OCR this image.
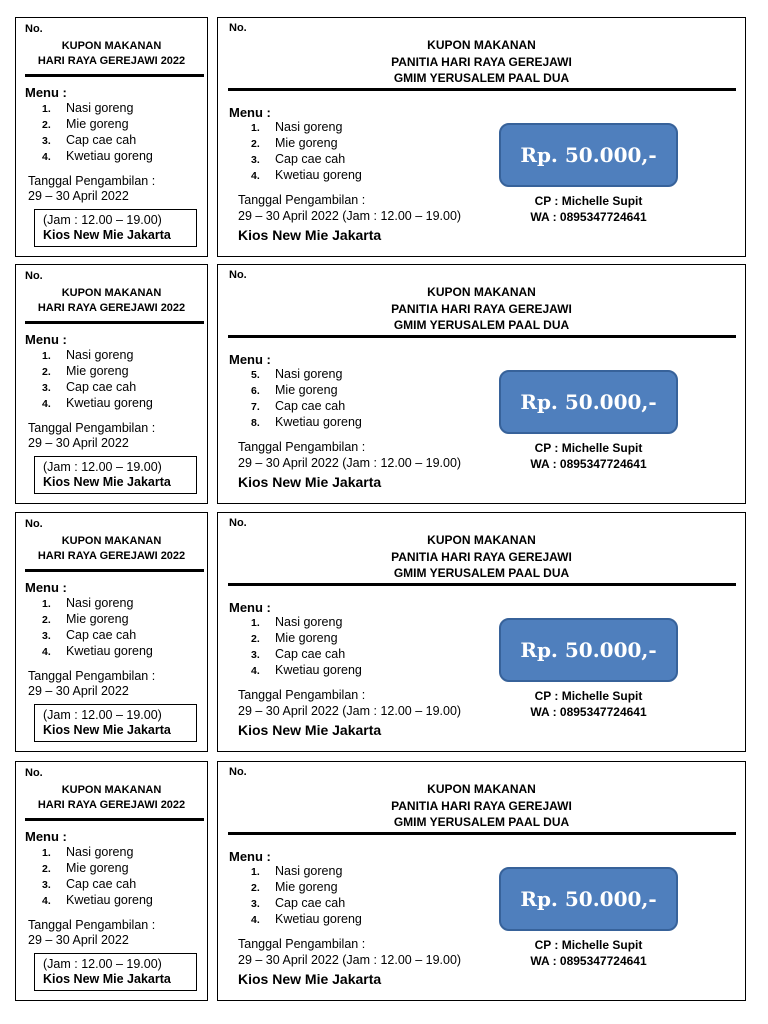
No.
KUPON MAKANAN
HARI RAYA GEREJAWI 2022
Menu :
1. Nasi goreng
2. Mie goreng
3. Cap cae cah
4. Kwetiau goreng
Tanggal Pengambilan :
29 – 30 April 2022
(Jam : 12.00 – 19.00)
Kios New Mie Jakarta
No.
KUPON MAKANAN
PANITIA HARI RAYA GEREJAWI
GMIM YERUSALEM PAAL DUA
Menu :
1. Nasi goreng
2. Mie goreng
3. Cap cae cah
4. Kwetiau goreng
Rp. 50.000,-
CP : Michelle Supit
WA : 0895347724641
Tanggal Pengambilan :
29 – 30 April 2022 (Jam : 12.00 – 19.00)
Kios New Mie Jakarta
No.
KUPON MAKANAN
HARI RAYA GEREJAWI 2022
Menu :
1. Nasi goreng
2. Mie goreng
3. Cap cae cah
4. Kwetiau goreng
Tanggal Pengambilan :
29 – 30 April 2022
(Jam : 12.00 – 19.00)
Kios New Mie Jakarta
No.
KUPON MAKANAN
PANITIA HARI RAYA GEREJAWI
GMIM YERUSALEM PAAL DUA
Menu :
5. Nasi goreng
6. Mie goreng
7. Cap cae cah
8. Kwetiau goreng
Rp. 50.000,-
CP : Michelle Supit
WA : 0895347724641
Tanggal Pengambilan :
29 – 30 April 2022 (Jam : 12.00 – 19.00)
Kios New Mie Jakarta
No.
KUPON MAKANAN
HARI RAYA GEREJAWI 2022
Menu :
1. Nasi goreng
2. Mie goreng
3. Cap cae cah
4. Kwetiau goreng
Tanggal Pengambilan :
29 – 30 April 2022
(Jam : 12.00 – 19.00)
Kios New Mie Jakarta
No.
KUPON MAKANAN
PANITIA HARI RAYA GEREJAWI
GMIM YERUSALEM PAAL DUA
Menu :
1. Nasi goreng
2. Mie goreng
3. Cap cae cah
4. Kwetiau goreng
Rp. 50.000,-
CP : Michelle Supit
WA : 0895347724641
Tanggal Pengambilan :
29 – 30 April 2022 (Jam : 12.00 – 19.00)
Kios New Mie Jakarta
No.
KUPON MAKANAN
HARI RAYA GEREJAWI 2022
Menu :
1. Nasi goreng
2. Mie goreng
3. Cap cae cah
4. Kwetiau goreng
Tanggal Pengambilan :
29 – 30 April 2022
(Jam : 12.00 – 19.00)
Kios New Mie Jakarta
No.
KUPON MAKANAN
PANITIA HARI RAYA GEREJAWI
GMIM YERUSALEM PAAL DUA
Menu :
1. Nasi goreng
2. Mie goreng
3. Cap cae cah
4. Kwetiau goreng
Rp. 50.000,-
CP : Michelle Supit
WA : 0895347724641
Tanggal Pengambilan :
29 – 30 April 2022 (Jam : 12.00 – 19.00)
Kios New Mie Jakarta
